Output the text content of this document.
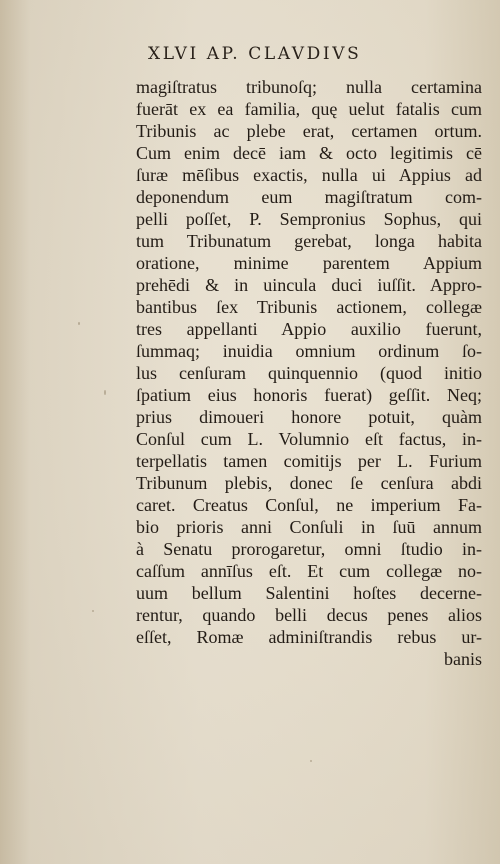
XLVI AP. CLAVDIVS
magiſtratus tribunoſq; nulla certamina
fuerāt ex ea familia, quę uelut fatalis cum
Tribunis ac plebe erat, certamen ortum.
Cum enim decē iam & octo legitimis cē
ſuræ mēſibus exactis, nulla ui Appius ad
deponendum eum magiſtratum com-
pelli poſſet, P. Sempronius Sophus, qui
tum Tribunatum gerebat, longa habita
oratione, minime parentem Appium
prehēdi & in uincula duci iuſſit. Appro-
bantibus ſex Tribunis actionem, collegæ
tres appellanti Appio auxilio fuerunt,
ſummaq; inuidia omnium ordinum ſo-
lus cenſuram quinquennio (quod initio
ſpatium eius honoris fuerat) geſſit. Neq;
prius dimoueri honore potuit, quàm
Conſul cum L. Volumnio eſt factus, in-
terpellatis tamen comitijs per L. Furium
Tribunum plebis, donec ſe cenſura abdi
caret. Creatus Conſul, ne imperium Fa-
bio prioris anni Conſuli in ſuū annum
à Senatu prorogaretur, omni ſtudio in-
caſſum annīſus eſt. Et cum collegæ no-
uum bellum Salentini hoſtes decerne-
rentur, quando belli decus penes alios
eſſet, Romæ adminiſtrandis rebus ur-
banis
